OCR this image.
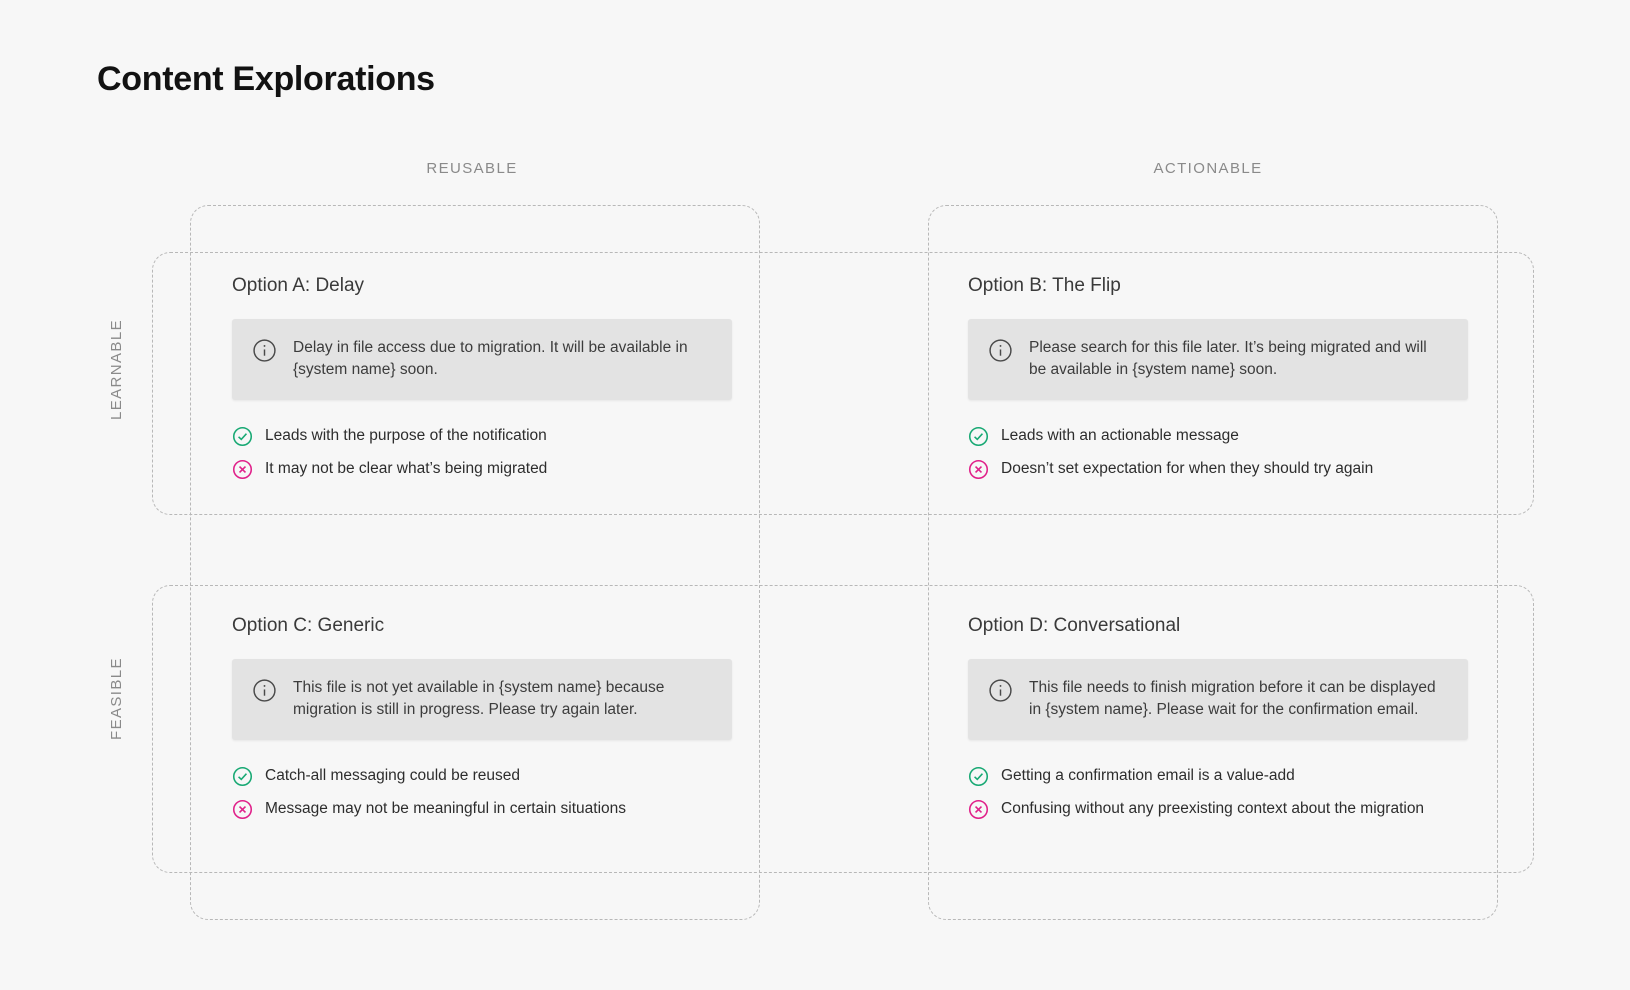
Content Explorations
REUSABLE	ACTIONABLE
LEARNABLE
FEASIBLE
Option A: Delay
Delay in file access due to migration. It will be available in {system name} soon.
Leads with the purpose of the notification
It may not be clear what’s being migrated
Option B: The Flip
Please search for this file later. It’s being migrated and will be available in {system name} soon.
Leads with an actionable message
Doesn’t set expectation for when they should try again
Option C: Generic
This file is not yet available in {system name} because migration is still in progress. Please try again later.
Catch-all messaging could be reused
Message may not be meaningful in certain situations
Option D: Conversational
This file needs to finish migration before it can be displayed in {system name}. Please wait for the confirmation email.
Getting a confirmation email is a value-add
Confusing without any preexisting context about the migration
